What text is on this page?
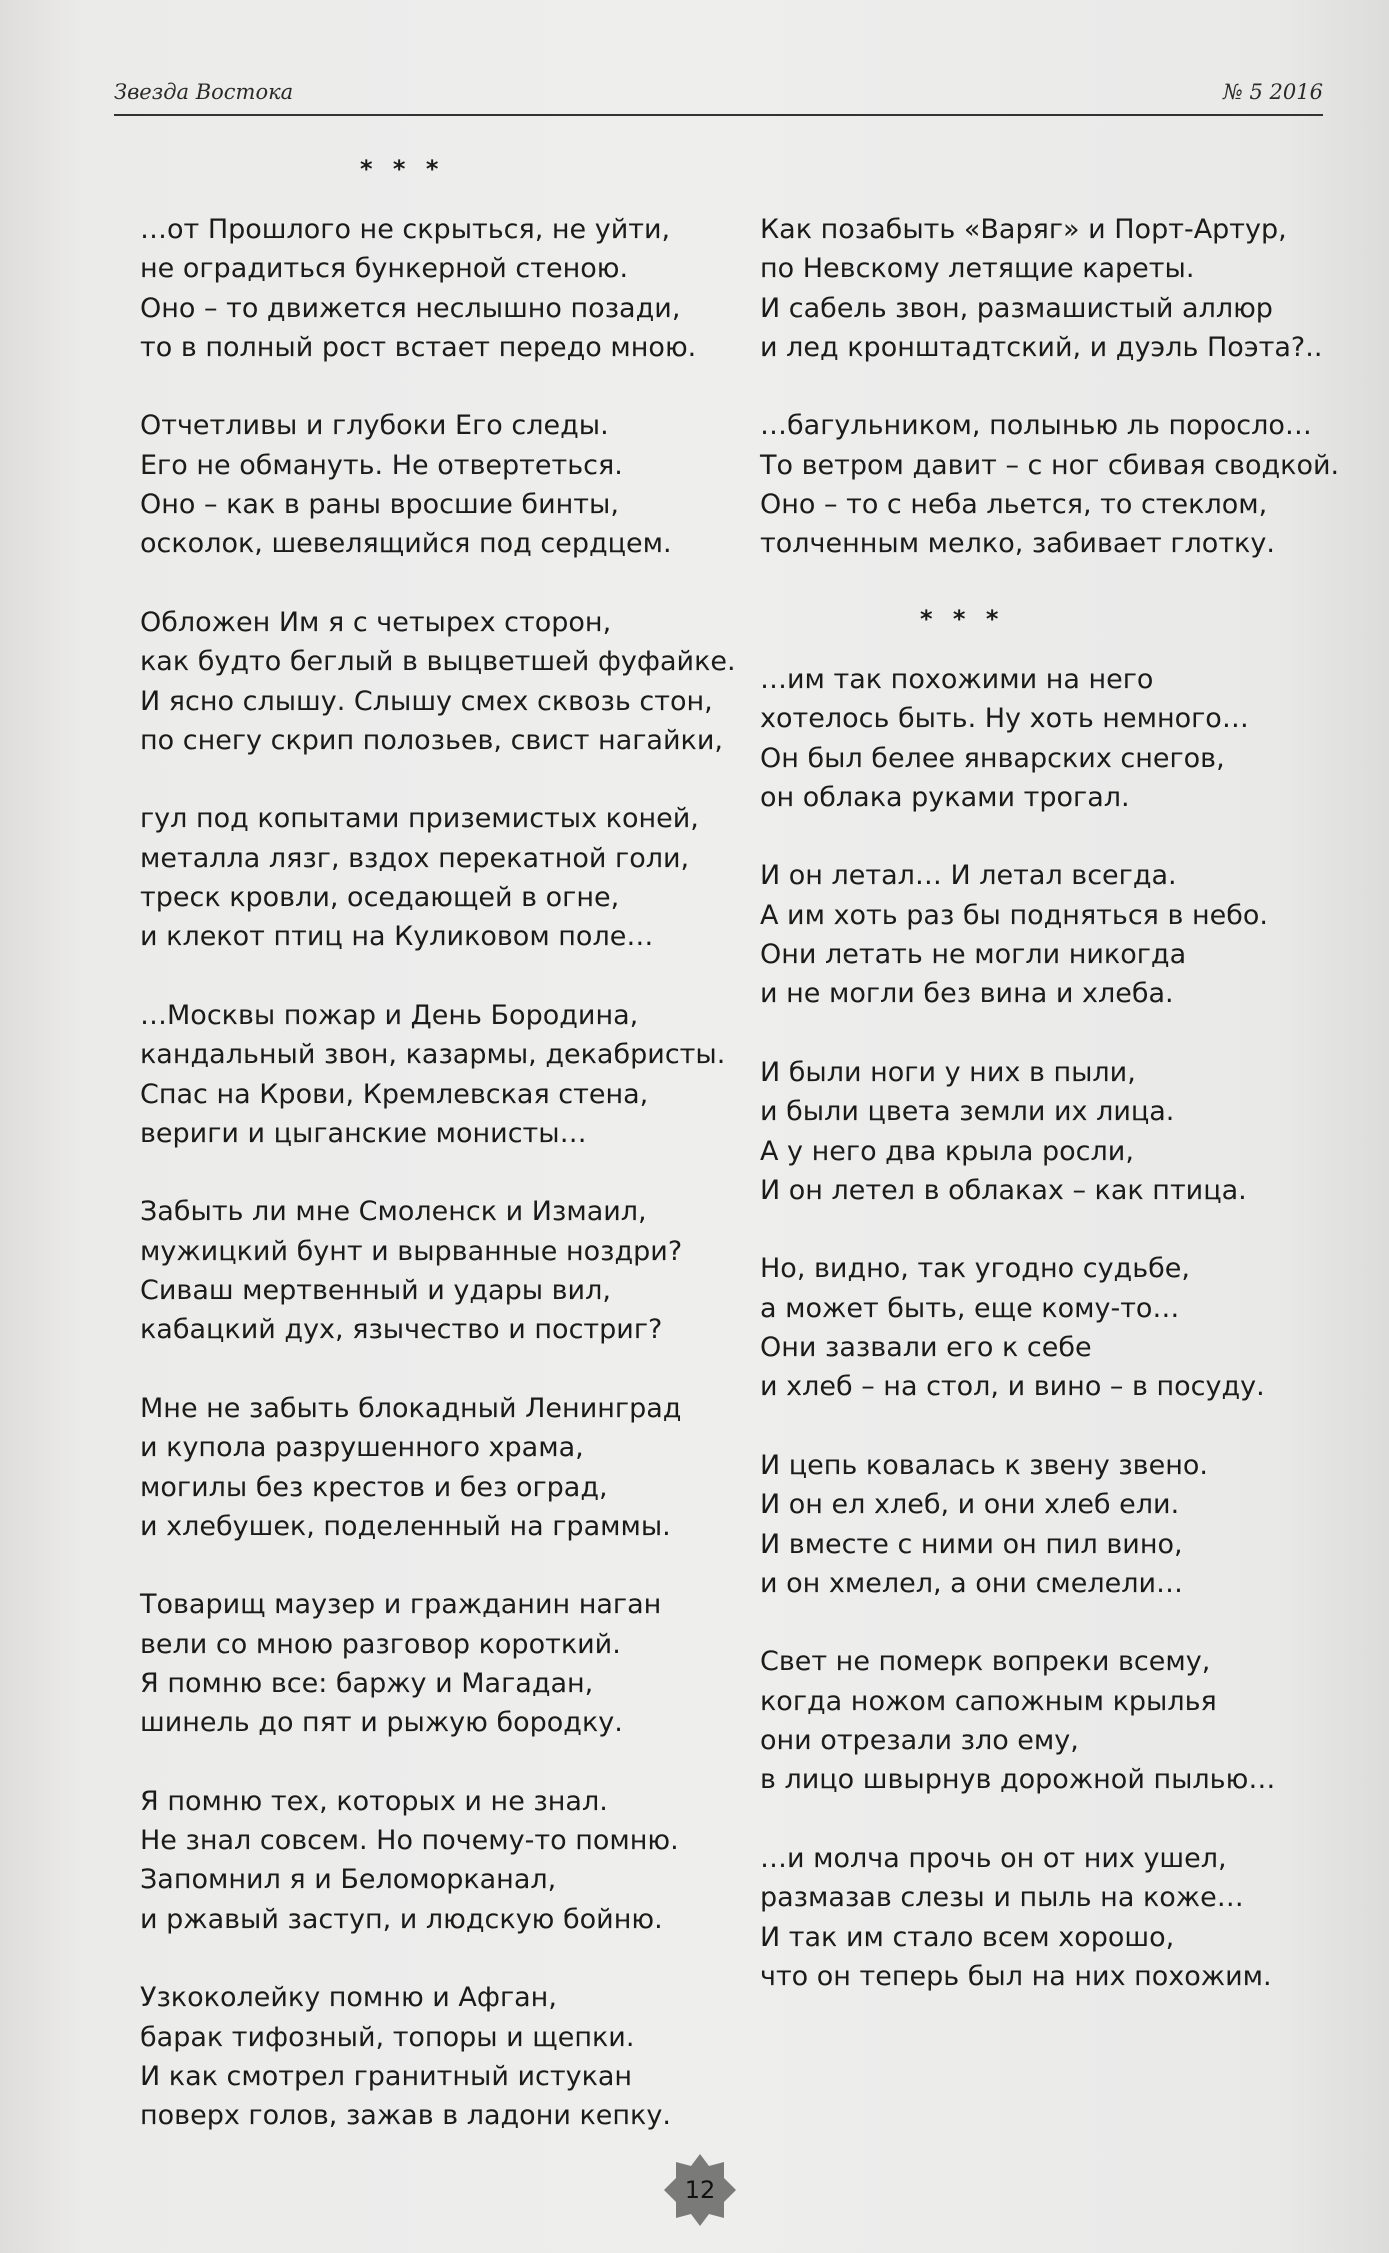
Звезда Востока	№ 5 2016
* * *
…от Прошлого не скрыться, не уйти,
не оградиться бункерной стеною.
Оно – то движется неслышно позади,
то в полный рост встает передо мною.
Отчетливы и глубоки Его следы.
Его не обмануть. Не отвертеться.
Оно – как в раны вросшие бинты,
осколок, шевелящийся под сердцем.
Обложен Им я с четырех сторон,
как будто беглый в выцветшей фуфайке.
И ясно слышу. Слышу смех сквозь стон,
по снегу скрип полозьев, свист нагайки,
гул под копытами приземистых коней,
металла лязг, вздох перекатной голи,
треск кровли, оседающей в огне,
и клекот птиц на Куликовом поле…
…Москвы пожар и День Бородина,
кандальный звон, казармы, декабристы.
Спас на Крови, Кремлевская стена,
вериги и цыганские мониcты…
Забыть ли мне Смоленск и Измаил,
мужицкий бунт и вырванные ноздри?
Сиваш мертвенный и удары вил,
кабацкий дух, язычество и постриг?
Мне не забыть блокадный Ленинград
и купола разрушенного храма,
могилы без крестов и без оград,
и хлебушек, поделенный на граммы.
Товарищ маузер и гражданин наган
вели со мною разговор короткий.
Я помню все: баржу и Магадан,
шинель до пят и рыжую бородку.
Я помню тех, которых и не знал.
Не знал совсем. Но почему-то помню.
Запомнил я и Беломорканал,
и ржавый заступ, и людскую бойню.
Узкоколейку помню и Афган,
барак тифозный, топоры и щепки.
И как смотрел гранитный истукан
поверх голов, зажав в ладони кепку.
Как позабыть «Варяг» и Порт-Артур,
по Невскому летящие кареты.
И сабель звон, размашистый аллюр
и лед кронштадтский, и дуэль Поэта?..
…багульником, полынью ль поросло…
То ветром давит – с ног сбивая сводкой.
Оно – то с неба льется, то стеклом,
толченным мелко, забивает глотку.
* * *
…им так похожими на него
хотелось быть. Ну хоть немного…
Он был белее январских снегов,
он облака руками трогал.
И он летал… И летал всегда.
А им хоть раз бы подняться в небо.
Они летать не могли никогда
и не могли без вина и хлеба.
И были ноги у них в пыли,
и были цвета земли их лица.
А у него два крыла росли,
И он летел в облаках – как птица.
Но, видно, так угодно судьбе,
а может быть, еще кому-то…
Они зазвали его к себе
и хлеб – на стол, и вино – в посуду.
И цепь ковалась к звену звено.
И он ел хлеб, и они хлеб ели.
И вместе с ними он пил вино,
и он хмелел, а они смелели…
Свет не померк вопреки всему,
когда ножом сапожным крылья
они отрезали зло ему,
в лицо швырнув дорожной пылью…
…и молча прочь он от них ушел,
размазав слезы и пыль на коже…
И так им стало всем хорошо,
что он теперь был на них похожим.
12
